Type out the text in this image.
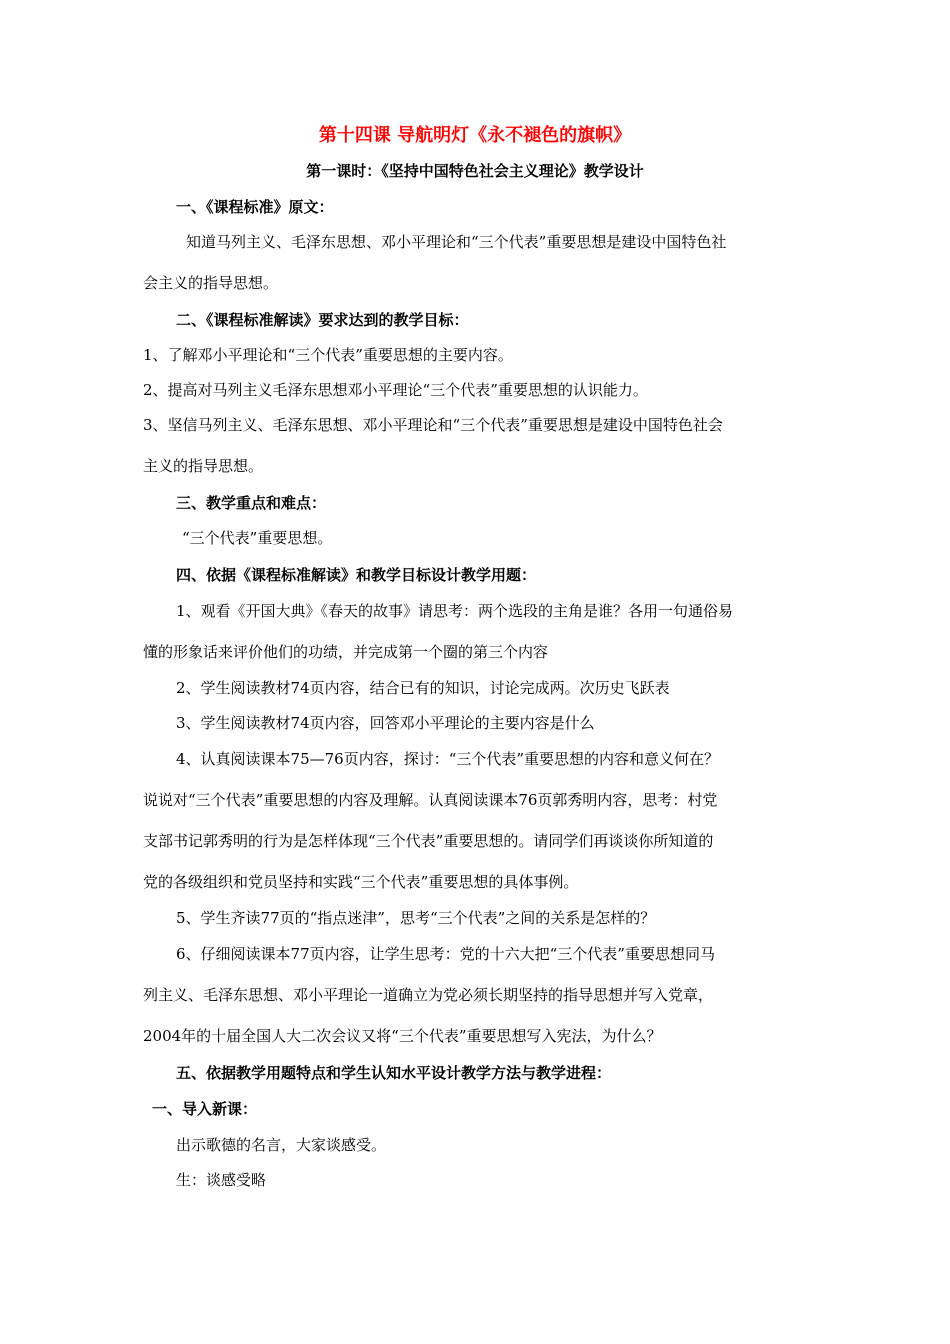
第十四课 导航明灯《永不褪色的旗帜》
第一课时：《坚持中国特色社会主义理论》教学设计
一、《课程标准》原文：
知道马列主义、毛泽东思想、邓小平理论和“三个代表”重要思想是建设中国特色社
会主义的指导思想。
二、《课程标准解读》要求达到的教学目标：
1、了解邓小平理论和“三个代表”重要思想的主要内容。
2、提高对马列主义毛泽东思想邓小平理论“三个代表”重要思想的认识能力。
3、坚信马列主义、毛泽东思想、邓小平理论和“三个代表”重要思想是建设中国特色社会
主义的指导思想。
三、教学重点和难点：
“三个代表”重要思想。
四、依据《课程标准解读》和教学目标设计教学用题：
1、观看《开国大典》《春天的故事》请思考：两个选段的主角是谁？各用一句通俗易
懂的形象话来评价他们的功绩，并完成第一个圈的第三个内容
2、学生阅读教材74页内容，结合已有的知识，讨论完成两。次历史飞跃表
3、学生阅读教材74页内容，回答邓小平理论的主要内容是什么
4、认真阅读课本75—76页内容，探讨：“三个代表”重要思想的内容和意义何在？
说说对“三个代表”重要思想的内容及理解。认真阅读课本76页郭秀明内容，思考：村党
支部书记郭秀明的行为是怎样体现“三个代表”重要思想的。请同学们再谈谈你所知道的
党的各级组织和党员坚持和实践“三个代表”重要思想的具体事例。
5、学生齐读77页的“指点迷津”，思考“三个代表”之间的关系是怎样的？
6、仔细阅读课本77页内容，让学生思考：党的十六大把“三个代表”重要思想同马
列主义、毛泽东思想、邓小平理论一道确立为党必须长期坚持的指导思想并写入党章，
2004年的十届全国人大二次会议又将“三个代表”重要思想写入宪法，为什么？
五、依据教学用题特点和学生认知水平设计教学方法与教学进程：
一、导入新课：
出示歌德的名言，大家谈感受。
生：谈感受略
